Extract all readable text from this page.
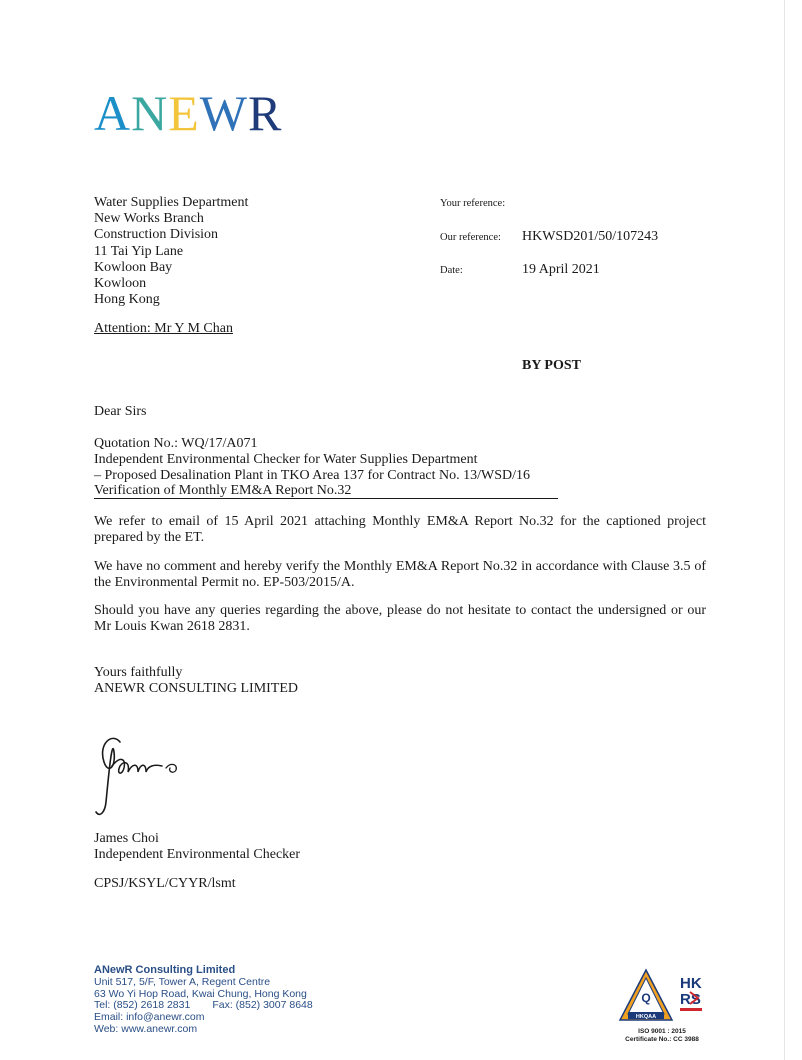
ANEWR
Water Supplies Department
New Works Branch
Construction Division
11 Tai Yip Lane
Kowloon Bay
Kowloon
Hong Kong
Attention: Mr Y M Chan
Your reference:
Our reference: HKWSD201/50/107243
Date:	19 April 2021
BY POST
Dear Sirs
Quotation No.: WQ/17/A071
Independent Environmental Checker for Water Supplies Department
– Proposed Desalination Plant in TKO Area 137 for Contract No. 13/WSD/16
Verification of Monthly EM&A Report No.32
We refer to email of 15 April 2021 attaching Monthly EM&A Report No.32 for the captioned project prepared by the ET.
We have no comment and hereby verify the Monthly EM&A Report No.32 in accordance with Clause 3.5 of the Environmental Permit no. EP-503/2015/A.
Should you have any queries regarding the above, please do not hesitate to contact the undersigned or our Mr Louis Kwan 2618 2831.
Yours faithfully
ANEWR CONSULTING LIMITED
James Choi
Independent Environmental Checker
CPSJ/KSYL/CYYR/lsmt
ANewR Consulting Limited
Unit 517, 5/F, Tower A, Regent Centre
63 Wo Yi Hop Road, Kwai Chung, Hong Kong
Tel: (852) 2618 2831 Fax: (852) 3007 8648
Email: info@anewr.com
Web: www.anewr.com
Q
HKQAA
HK
RS
ISO 9001 : 2015
Certificate No.: CC 3988
